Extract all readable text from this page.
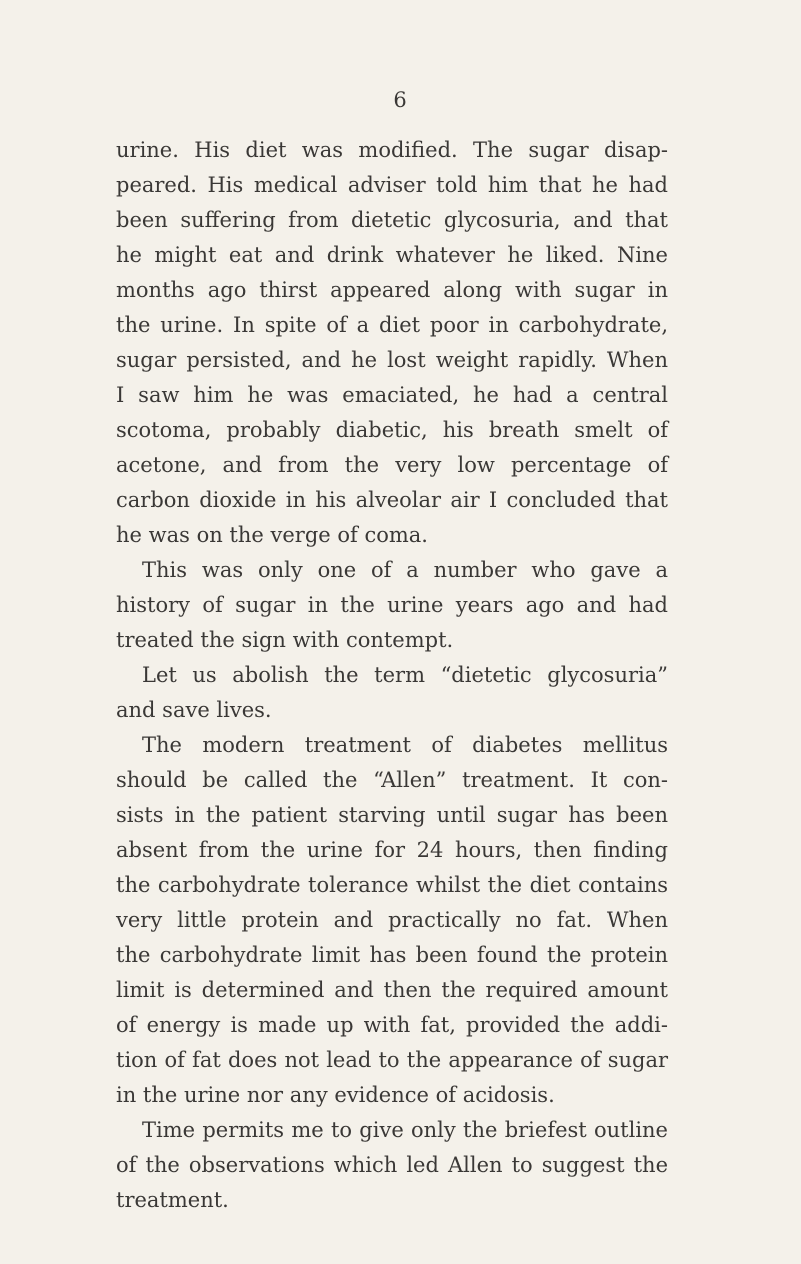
6
urine. His diet was modified. The sugar disap-
peared. His medical adviser told him that he had
been suffering from dietetic glycosuria, and that
he might eat and drink whatever he liked. Nine
months ago thirst appeared along with sugar in
the urine. In spite of a diet poor in carbohydrate,
sugar persisted, and he lost weight rapidly. When
I saw him he was emaciated, he had a central
scotoma, probably diabetic, his breath smelt of
acetone, and from the very low percentage of
carbon dioxide in his alveolar air I concluded that
he was on the verge of coma.
This was only one of a number who gave a
history of sugar in the urine years ago and had
treated the sign with contempt.
Let us abolish the term “dietetic glycosuria”
and save lives.
The modern treatment of diabetes mellitus
should be called the “Allen” treatment. It con-
sists in the patient starving until sugar has been
absent from the urine for 24 hours, then finding
the carbohydrate tolerance whilst the diet contains
very little protein and practically no fat. When
the carbohydrate limit has been found the protein
limit is determined and then the required amount
of energy is made up with fat, provided the addi-
tion of fat does not lead to the appearance of sugar
in the urine nor any evidence of acidosis.
Time permits me to give only the briefest outline
of the observations which led Allen to suggest the
treatment.
